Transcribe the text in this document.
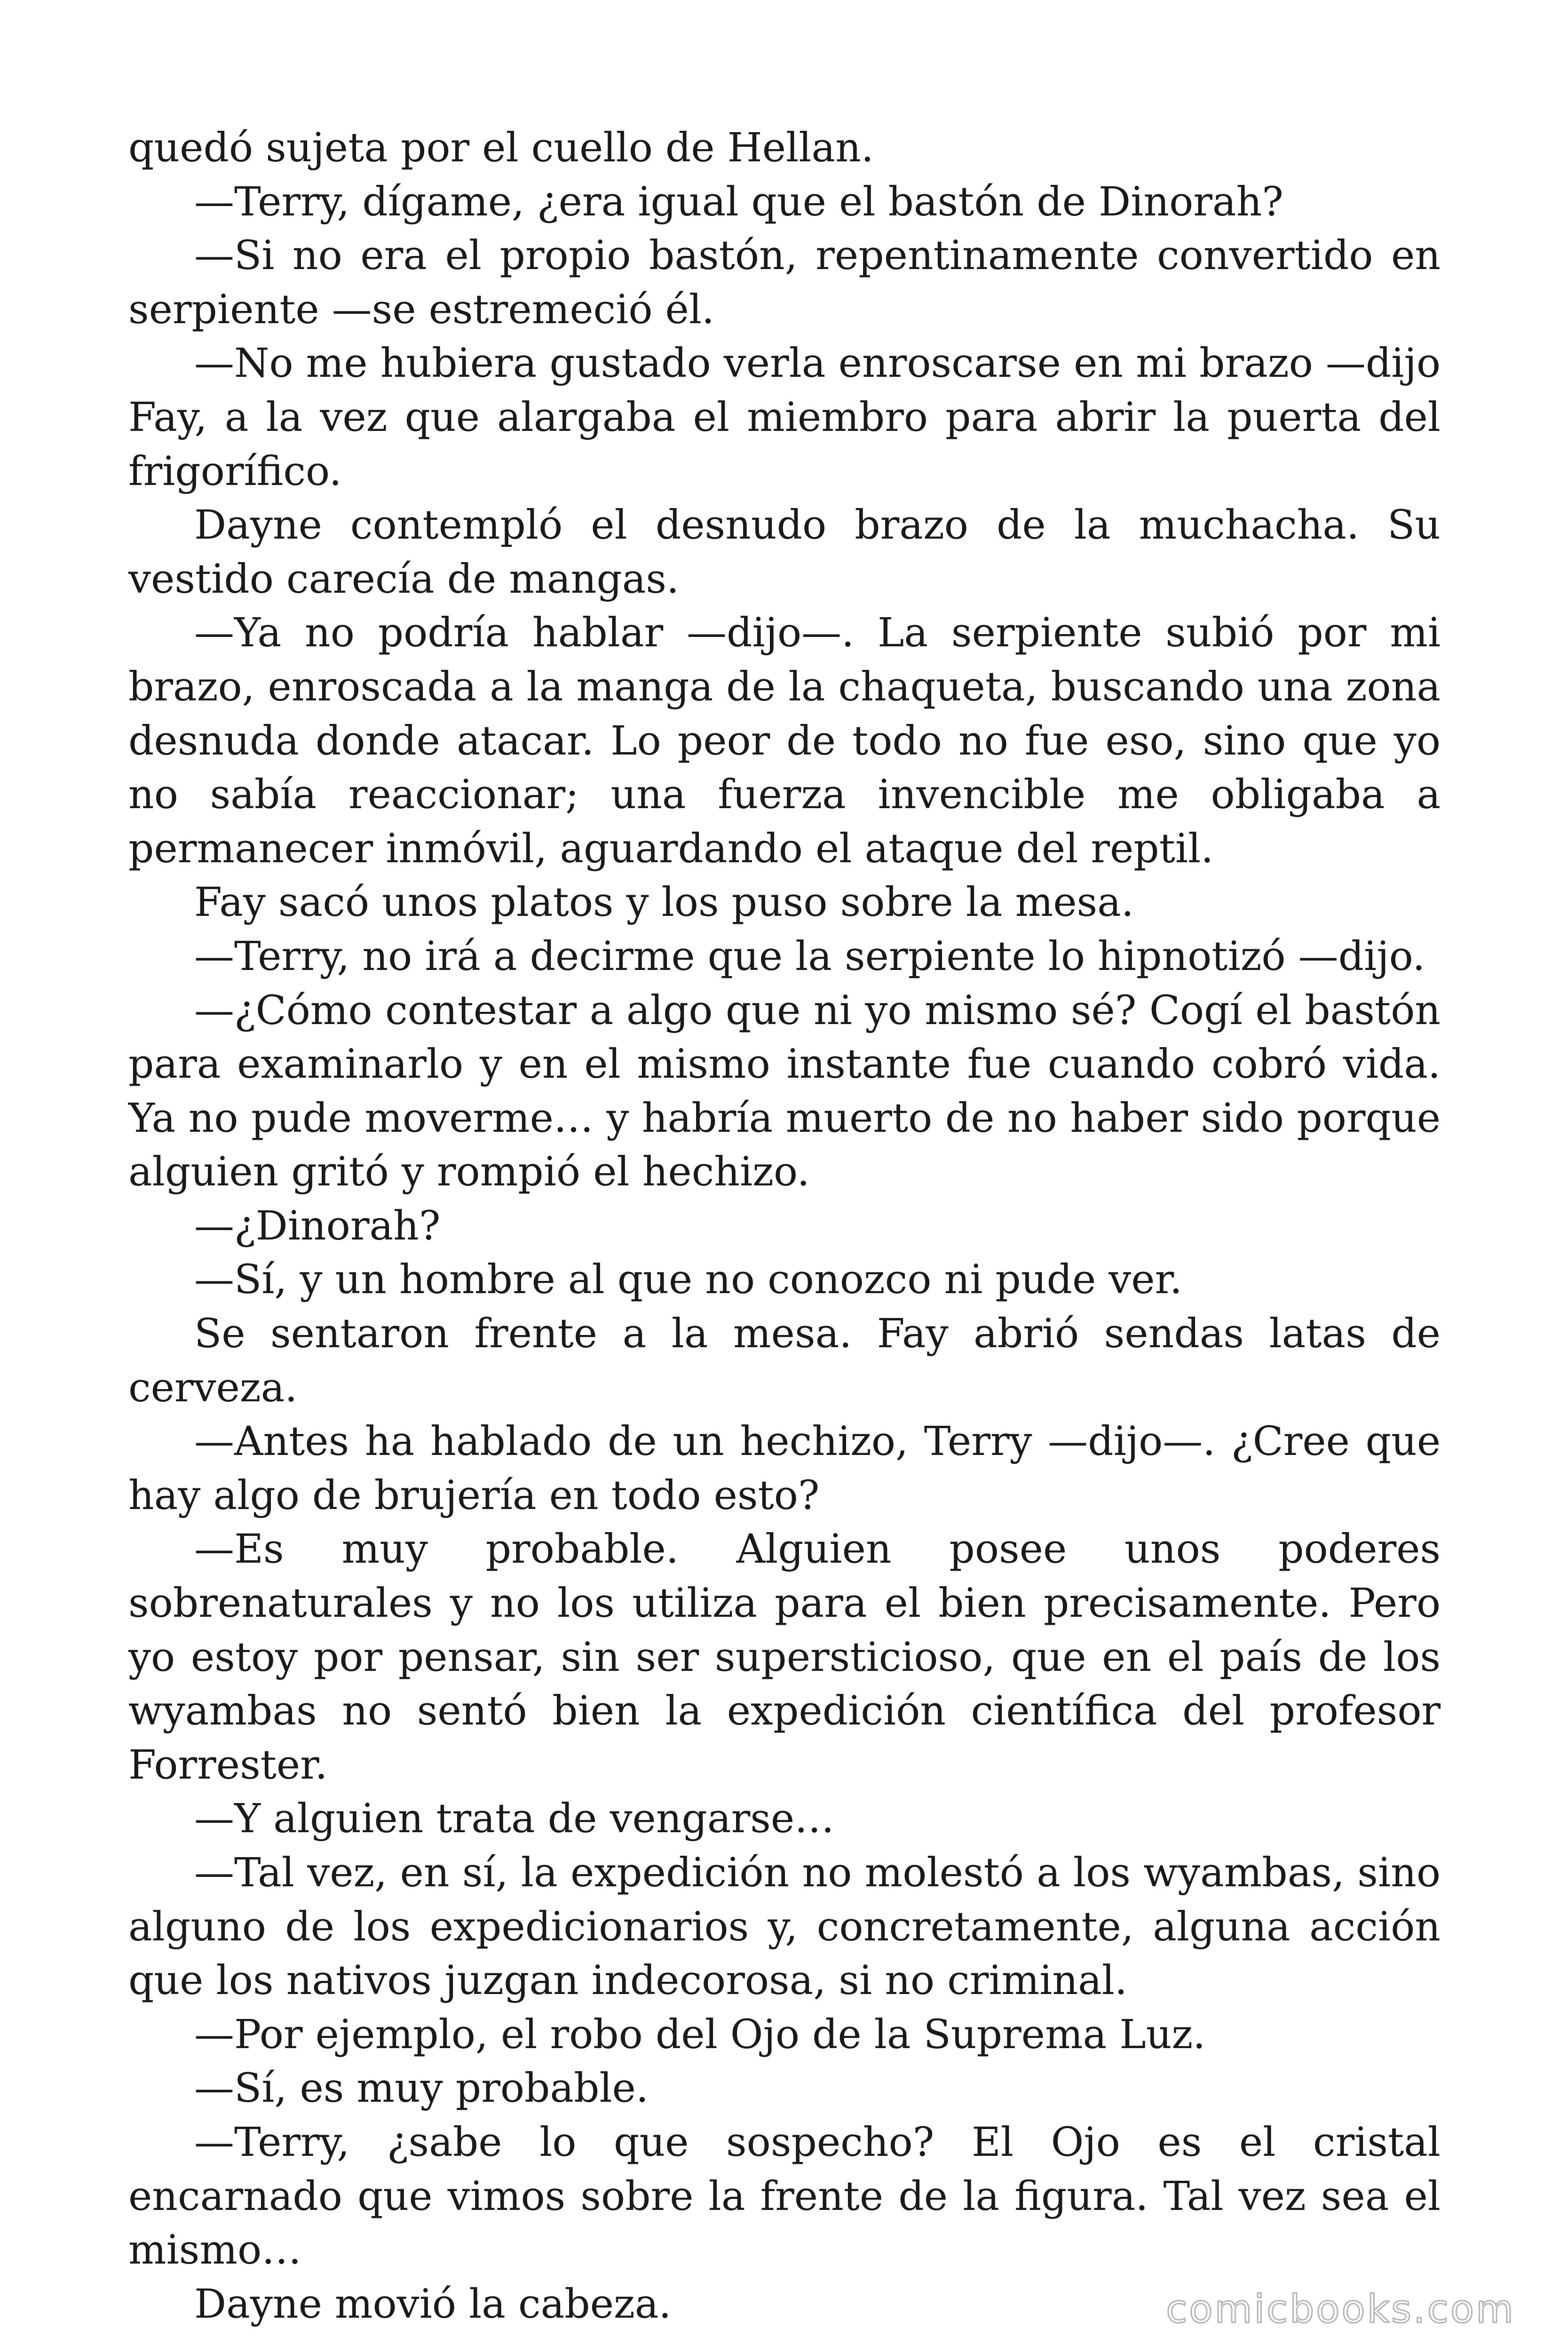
quedó sujeta por el cuello de Hellan.

—Terry, dígame, ¿era igual que el bastón de Dinorah?

—Si no era el propio bastón, repentinamente convertido en serpiente —se estremeció él.

—No me hubiera gustado verla enroscarse en mi brazo —dijo Fay, a la vez que alargaba el miembro para abrir la puerta del frigorífico.

Dayne contempló el desnudo brazo de la muchacha. Su vestido carecía de mangas.

—Ya no podría hablar —dijo—. La serpiente subió por mi brazo, enroscada a la manga de la chaqueta, buscando una zona desnuda donde atacar. Lo peor de todo no fue eso, sino que yo no sabía reaccionar; una fuerza invencible me obligaba a permanecer inmóvil, aguardando el ataque del reptil.

Fay sacó unos platos y los puso sobre la mesa.

—Terry, no irá a decirme que la serpiente lo hipnotizó —dijo.

—¿Cómo contestar a algo que ni yo mismo sé? Cogí el bastón para examinarlo y en el mismo instante fue cuando cobró vida. Ya no pude moverme… y habría muerto de no haber sido porque alguien gritó y rompió el hechizo.

—¿Dinorah?

—Sí, y un hombre al que no conozco ni pude ver.

Se sentaron frente a la mesa. Fay abrió sendas latas de cerveza.

—Antes ha hablado de un hechizo, Terry —dijo—. ¿Cree que hay algo de brujería en todo esto?

—Es muy probable. Alguien posee unos poderes sobrenaturales y no los utiliza para el bien precisamente. Pero yo estoy por pensar, sin ser supersticioso, que en el país de los wyambas no sentó bien la expedición científica del profesor Forrester.

—Y alguien trata de vengarse…

—Tal vez, en sí, la expedición no molestó a los wyambas, sino alguno de los expedicionarios y, concretamente, alguna acción que los nativos juzgan indecorosa, si no criminal.

—Por ejemplo, el robo del Ojo de la Suprema Luz.

—Sí, es muy probable.

—Terry, ¿sabe lo que sospecho? El Ojo es el cristal encarnado que vimos sobre la frente de la figura. Tal vez sea el mismo…

Dayne movió la cabeza.	comicbooks.com
